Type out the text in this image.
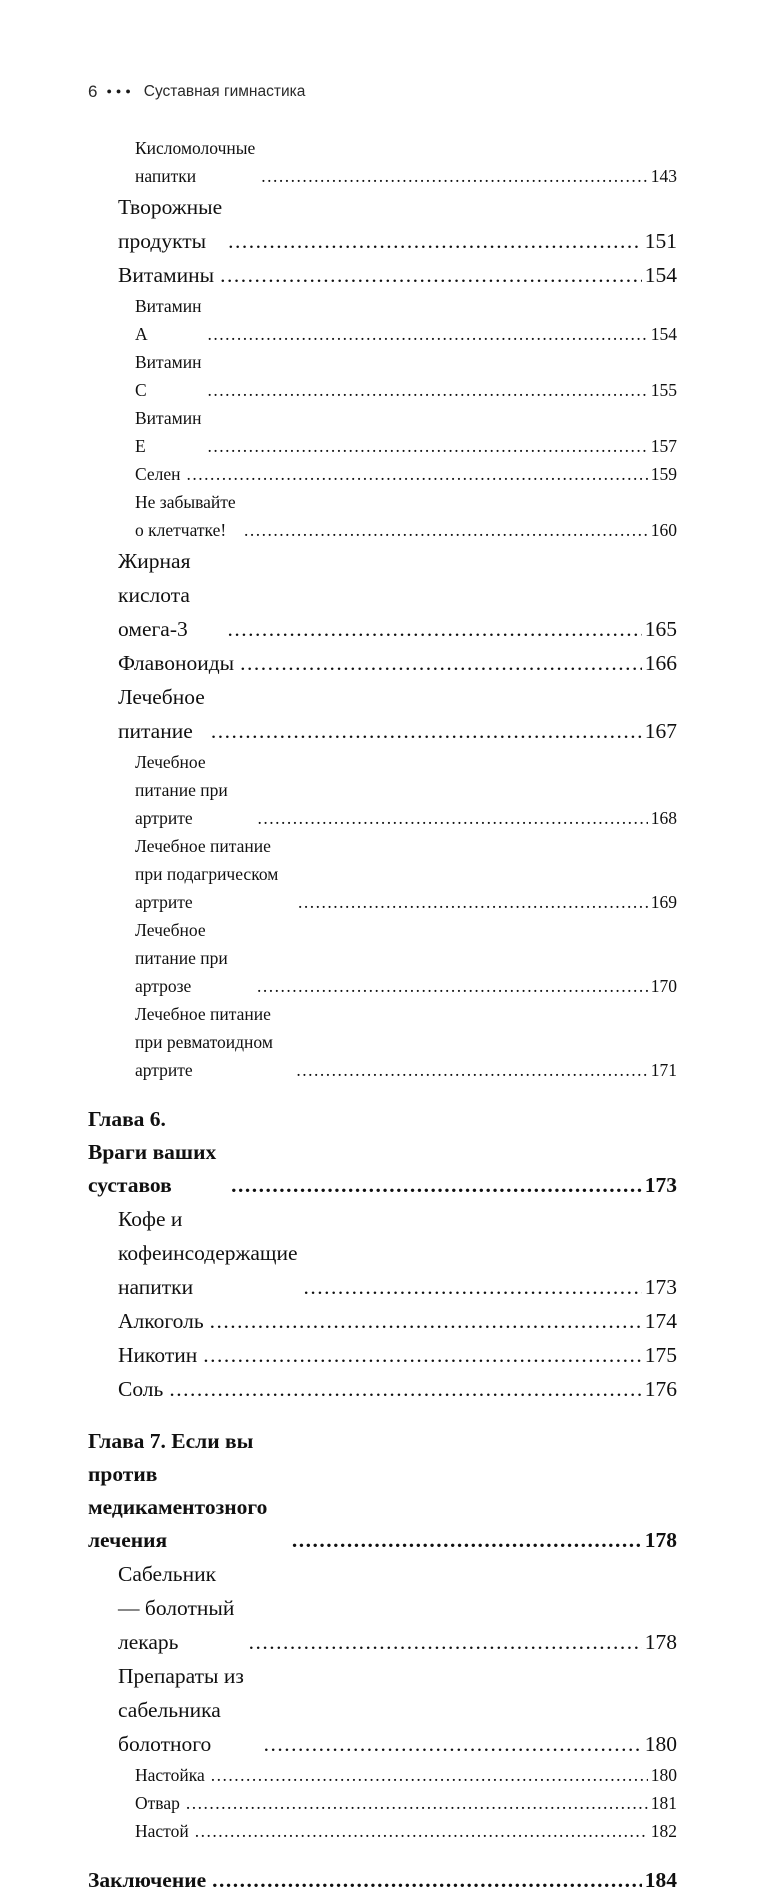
6 ●●● Суставная гимнастика
Кисломолочные напитки .....	143
Творожные продукты .....	151
Витамины .....	154
Витамин А .....	154
Витамин С .....	155
Витамин Е .....	157
Селен .....	159
Не забывайте о клетчатке! .....	160
Жирная кислота омега-3 .....	165
Флавоноиды .....	166
Лечебное питание .....	167
Лечебное питание при артрите .....	168
Лечебное питание при подагрическом артрите .....	169
Лечебное питание при артрозе .....	170
Лечебное питание при ревматоидном артрите .....	171
Глава 6. Враги ваших суставов .....	173
Кофе и кофеинсодержащие напитки .....	173
Алкоголь .....	174
Никотин .....	175
Соль .....	176
Глава 7. Если вы против медикаментозного лечения .....	178
Сабельник — болотный лекарь .....	178
Препараты из сабельника болотного .....	180
Настойка .....	180
Отвар .....	181
Настой .....	182
Заключение .....	184
